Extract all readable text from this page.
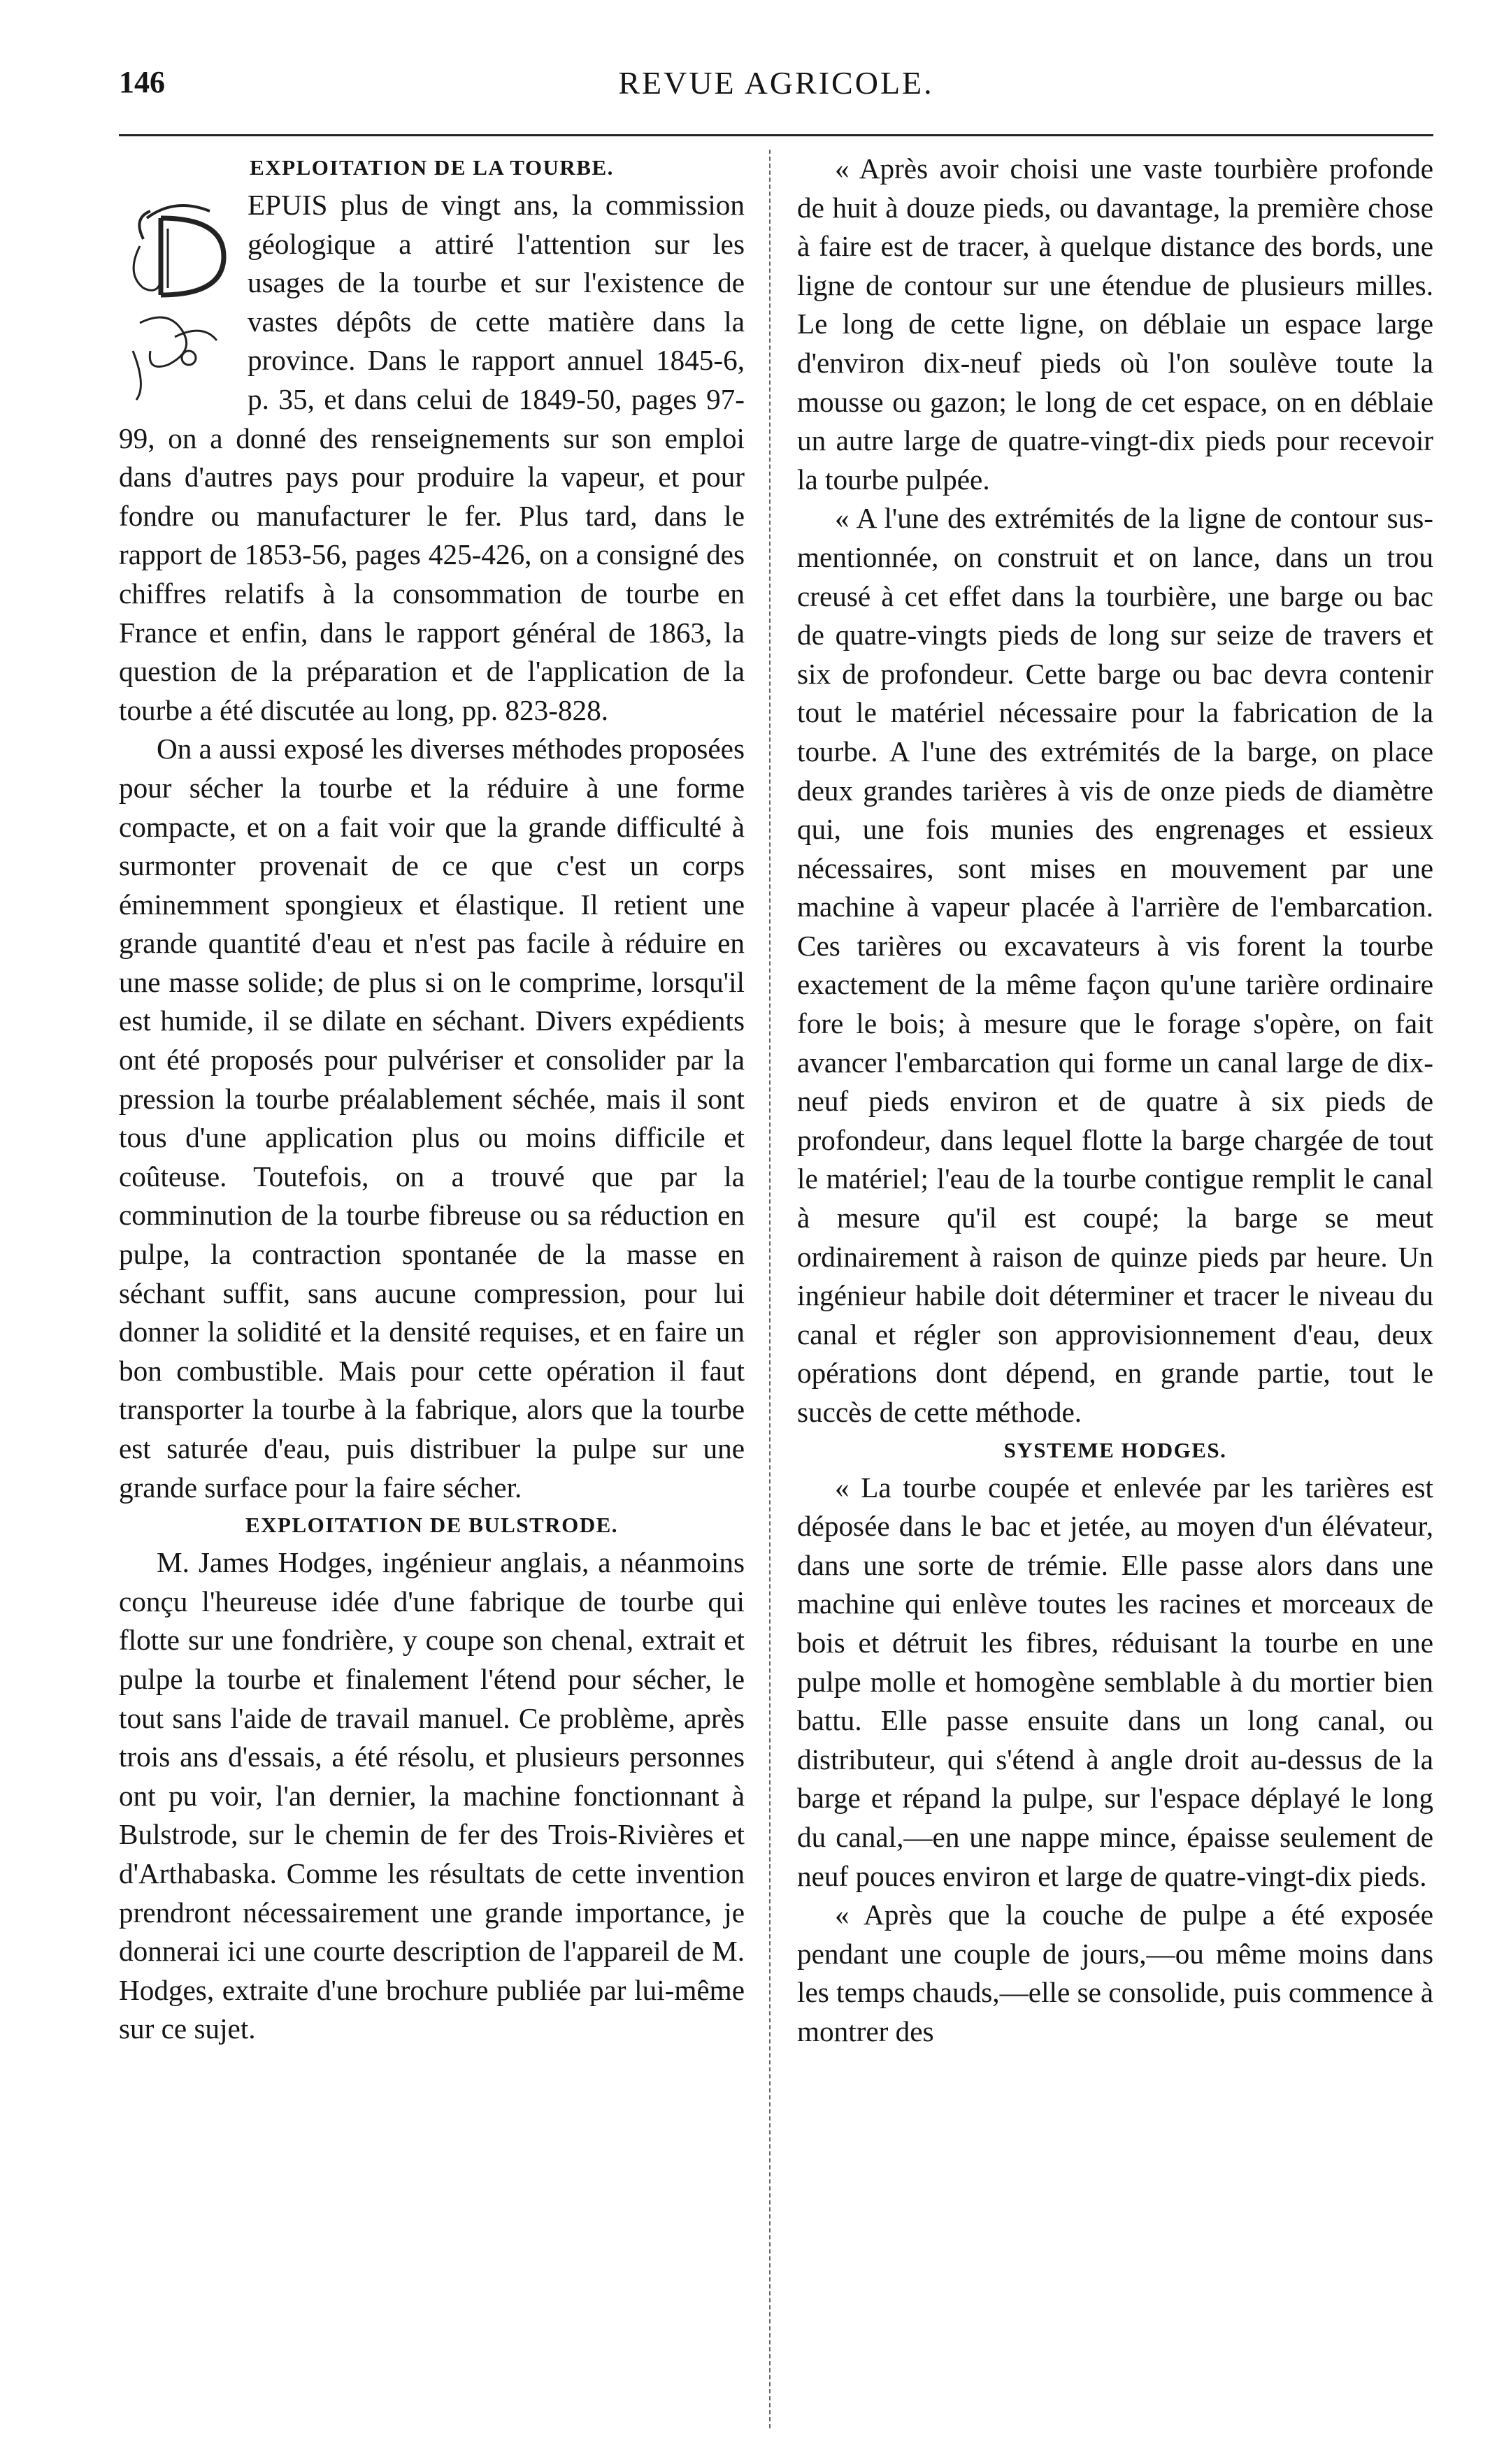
146	REVUE AGRICOLE.
EXPLOITATION DE LA TOURBE.

EPUIS plus de vingt ans, la commission géologique a attiré l'attention sur les usages de la tourbe et sur l'existence de vastes dépôts de cette matière dans la province. Dans le rapport annuel 1845-6, p. 35, et dans celui de 1849-50, pages 97-99, on a donné des renseignements sur son emploi dans d'autres pays pour produire la vapeur, et pour fondre ou manufacturer le fer. Plus tard, dans le rapport de 1853-56, pages 425-426, on a consigné des chiffres relatifs à la consommation de tourbe en France et enfin, dans le rapport général de 1863, la question de la préparation et de l'application de la tourbe a été discutée au long, pp. 823-828.

On a aussi exposé les diverses méthodes proposées pour sécher la tourbe et la réduire à une forme compacte, et on a fait voir que la grande difficulté à surmonter provenait de ce que c'est un corps éminemment spongieux et élastique. Il retient une grande quantité d'eau et n'est pas facile à réduire en une masse solide; de plus si on le comprime, lorsqu'il est humide, il se dilate en séchant. Divers expédients ont été proposés pour pulvériser et consolider par la pression la tourbe préalablement séchée, mais il sont tous d'une application plus ou moins difficile et coûteuse. Toutefois, on a trouvé que par la comminution de la tourbe fibreuse ou sa réduction en pulpe, la contraction spontanée de la masse en séchant suffit, sans aucune compression, pour lui donner la solidité et la densité requises, et en faire un bon combustible. Mais pour cette opération il faut transporter la tourbe à la fabrique, alors que la tourbe est saturée d'eau, puis distribuer la pulpe sur une grande surface pour la faire sécher.

EXPLOITATION DE BULSTRODE.

M. James Hodges, ingénieur anglais, a néanmoins conçu l'heureuse idée d'une fabrique de tourbe qui flotte sur une fondrière, y coupe son chenal, extrait et pulpe la tourbe et finalement l'étend pour sécher, le tout sans l'aide de travail manuel. Ce problème, après trois ans d'essais, a été résolu, et plusieurs personnes ont pu voir, l'an dernier, la machine fonctionnant à Bulstrode, sur le chemin de fer des Trois-Rivières et d'Arthabaska. Comme les résultats de cette invention prendront nécessairement une grande importance, je donnerai ici une courte description de l'appareil de M. Hodges, extraite d'une brochure publiée par lui-même sur ce sujet.

« Après avoir choisi une vaste tourbière profonde de huit à douze pieds, ou davantage, la première chose à faire est de tracer, à quelque distance des bords, une ligne de contour sur une étendue de plusieurs milles. Le long de cette ligne, on déblaie un espace large d'environ dix-neuf pieds où l'on soulève toute la mousse ou gazon; le long de cet espace, on en déblaie un autre large de quatre-vingt-dix pieds pour recevoir la tourbe pulpée.

« A l'une des extrémités de la ligne de contour sus-mentionnée, on construit et on lance, dans un trou creusé à cet effet dans la tourbière, une barge ou bac de quatre-vingts pieds de long sur seize de travers et six de profondeur. Cette barge ou bac devra contenir tout le matériel nécessaire pour la fabrication de la tourbe. A l'une des extrémités de la barge, on place deux grandes tarières à vis de onze pieds de diamètre qui, une fois munies des engrenages et essieux nécessaires, sont mises en mouvement par une machine à vapeur placée à l'arrière de l'embarcation. Ces tarières ou excavateurs à vis forent la tourbe exactement de la même façon qu'une tarière ordinaire fore le bois; à mesure que le forage s'opère, on fait avancer l'embarcation qui forme un canal large de dix-neuf pieds environ et de quatre à six pieds de profondeur, dans lequel flotte la barge chargée de tout le matériel; l'eau de la tourbe contigue remplit le canal à mesure qu'il est coupé; la barge se meut ordinairement à raison de quinze pieds par heure. Un ingénieur habile doit déterminer et tracer le niveau du canal et régler son approvisionnement d'eau, deux opérations dont dépend, en grande partie, tout le succès de cette méthode.

SYSTEME HODGES.

« La tourbe coupée et enlevée par les tarières est déposée dans le bac et jetée, au moyen d'un élévateur, dans une sorte de trémie. Elle passe alors dans une machine qui enlève toutes les racines et morceaux de bois et détruit les fibres, réduisant la tourbe en une pulpe molle et homogène semblable à du mortier bien battu. Elle passe ensuite dans un long canal, ou distributeur, qui s'étend à angle droit au-dessus de la barge et répand la pulpe, sur l'espace déplayé le long du canal,—en une nappe mince, épaisse seulement de neuf pouces environ et large de quatre-vingt-dix pieds.

« Après que la couche de pulpe a été exposée pendant une couple de jours,—ou même moins dans les temps chauds,—elle se consolide, puis commence à montrer des
